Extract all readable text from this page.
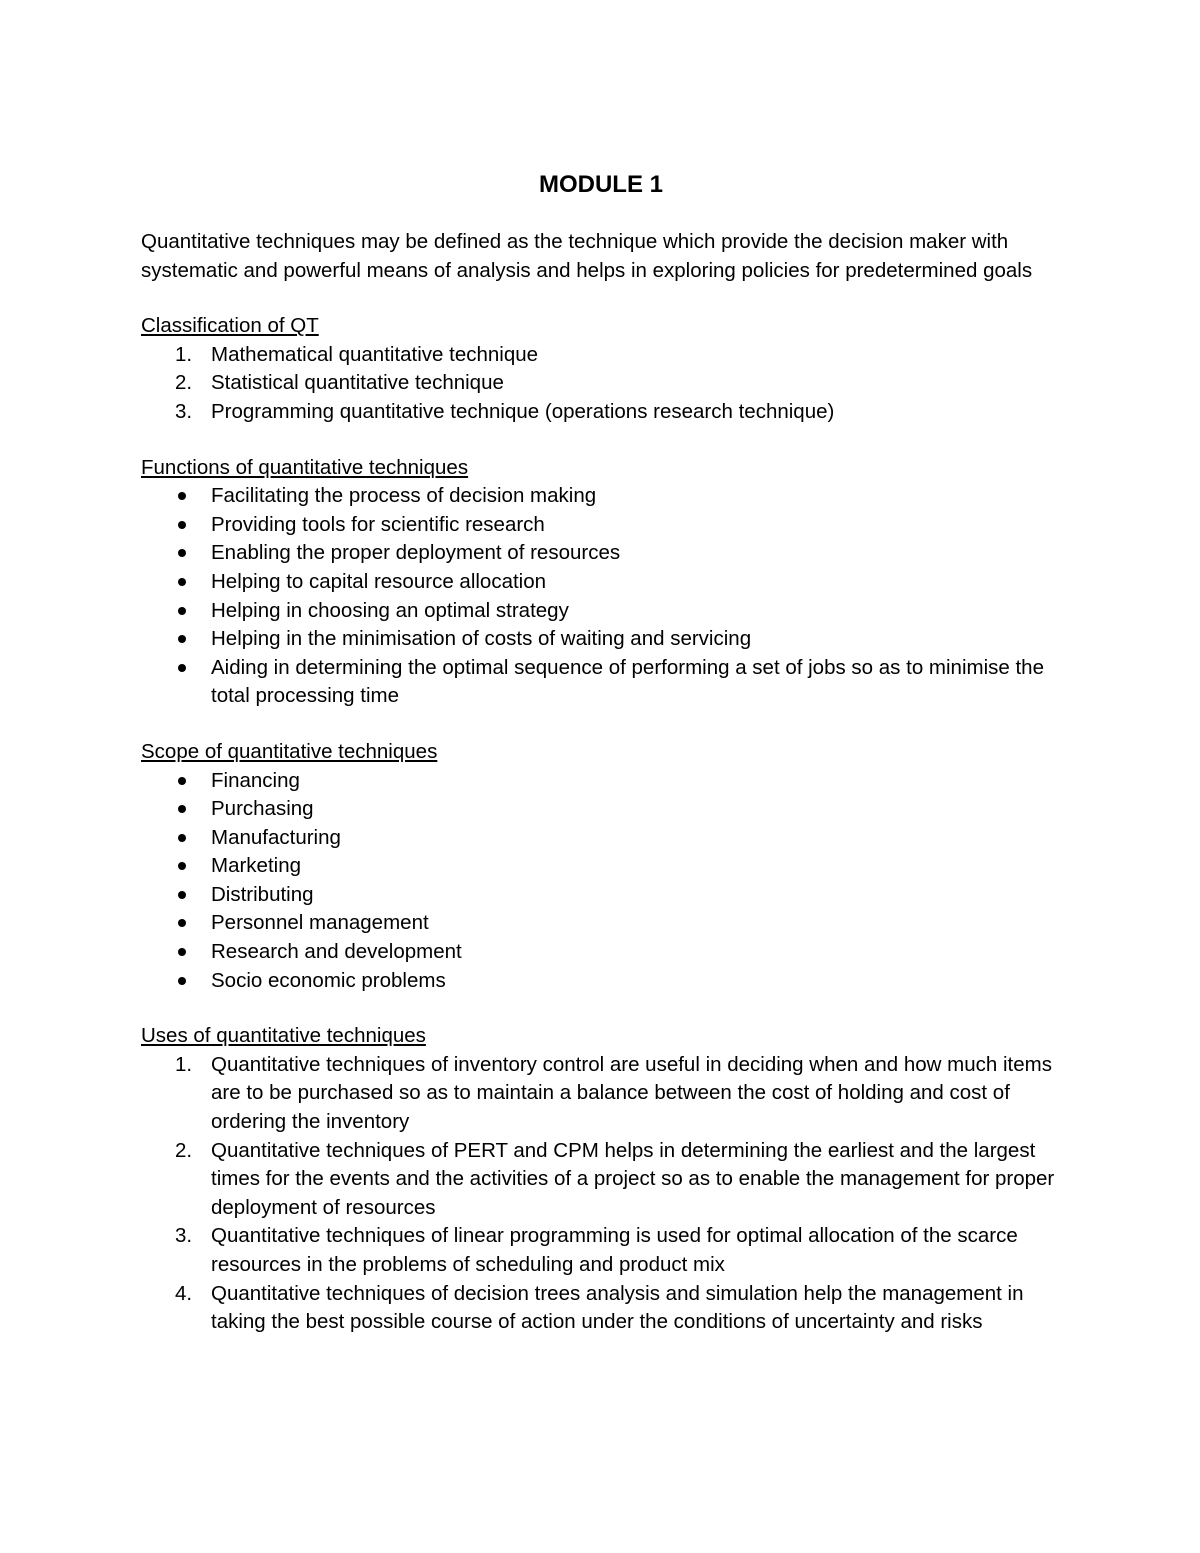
MODULE 1

Quantitative techniques may be defined as the technique which provide the decision maker with systematic and powerful means of analysis and helps in exploring policies for predetermined goals

Classification of QT

1. Mathematical quantitative technique
2. Statistical quantitative technique
3. Programming quantitative technique (operations research technique)

Functions of quantitative techniques

Facilitating the process of decision making
Providing tools for scientific research
Enabling the proper deployment of resources
Helping to capital resource allocation
Helping in choosing an optimal strategy
Helping in the minimisation of costs of waiting and servicing
Aiding in determining the optimal sequence of performing a set of jobs so as to minimise the total processing time

Scope of quantitative techniques

Financing
Purchasing
Manufacturing
Marketing
Distributing
Personnel management
Research and development
Socio economic problems

Uses of quantitative techniques

1. Quantitative techniques of inventory control are useful in deciding when and how much items are to be purchased so as to maintain a balance between the cost of holding and cost of ordering the inventory
2. Quantitative techniques of PERT and CPM helps in determining the earliest and the largest times for the events and the activities of a project so as to enable the management for proper deployment of resources
3. Quantitative techniques of linear programming is used for optimal allocation of the scarce resources in the problems of scheduling and product mix
4. Quantitative techniques of decision trees analysis and simulation help the management in taking the best possible course of action under the conditions of uncertainty and risks
